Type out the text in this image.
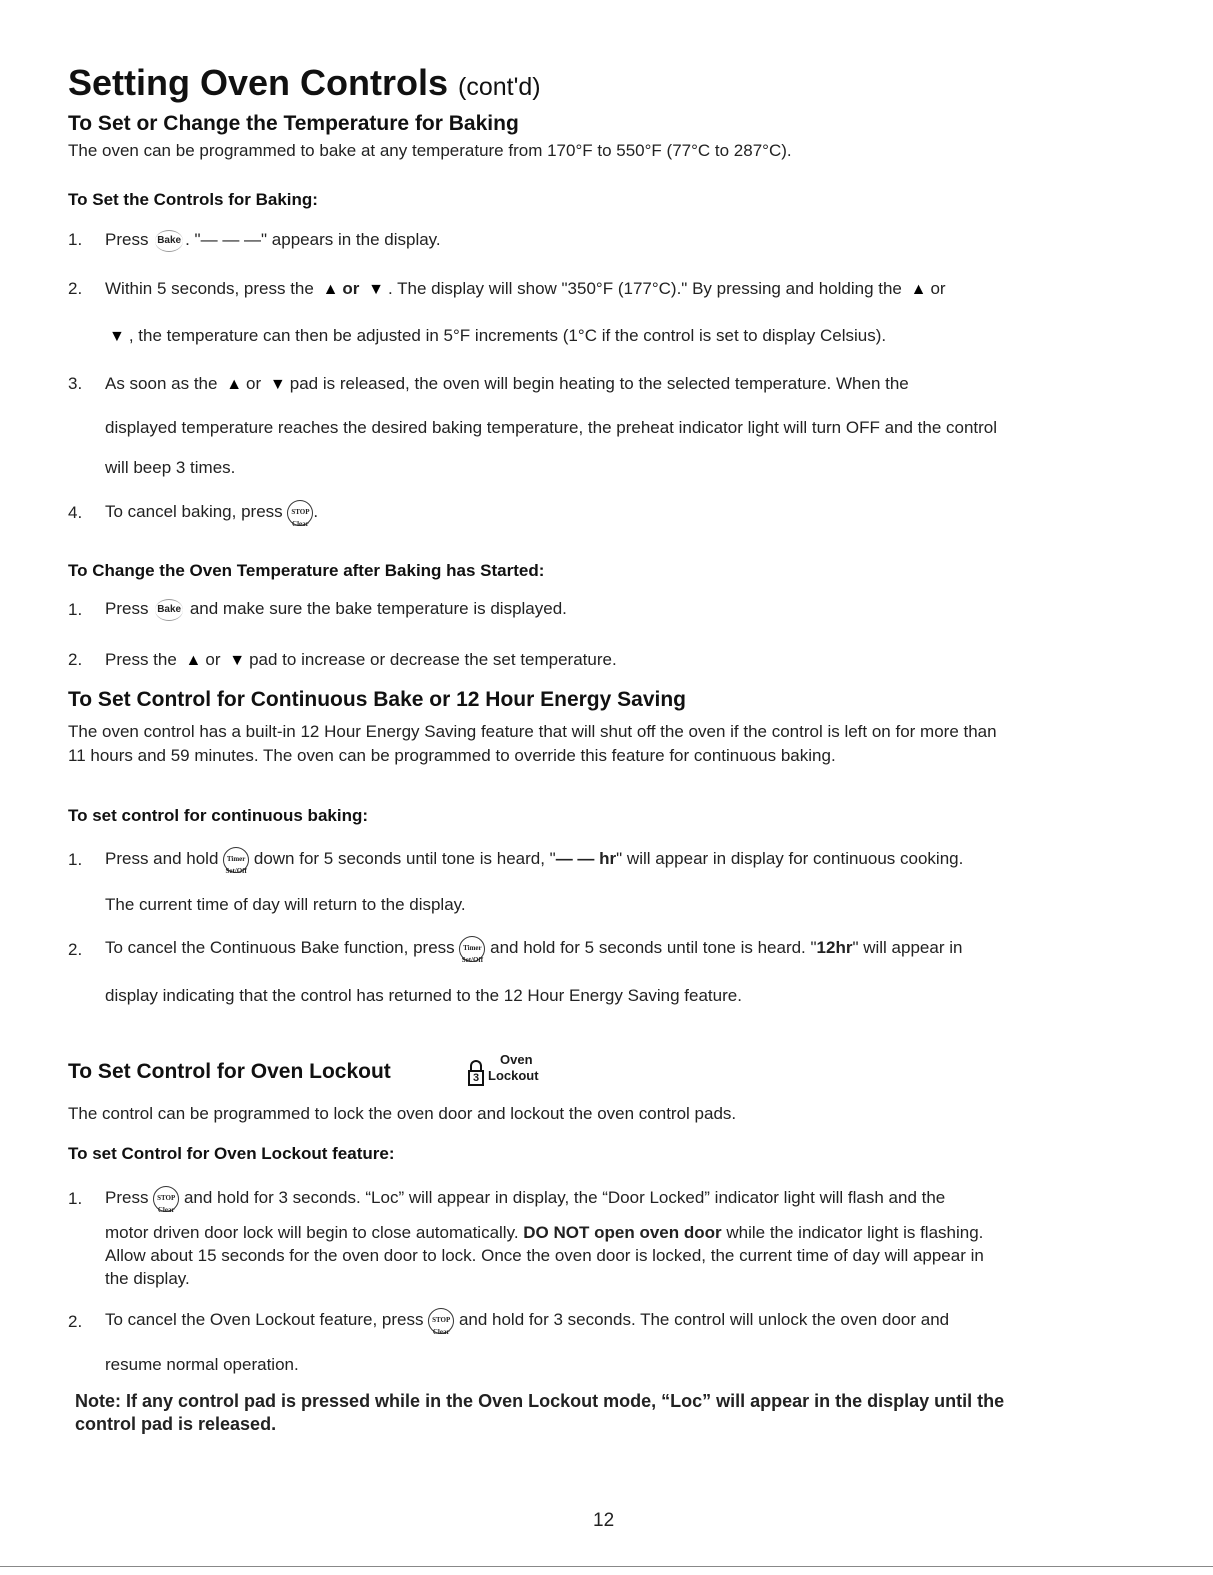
Setting Oven Controls (cont'd)
To Set or Change the Temperature for Baking
The oven can be programmed to bake at any temperature from 170°F to 550°F (77°C to 287°C).
To Set the Controls for Baking:
1. Press Bake . "— — —" appears in the display.
2. Within 5 seconds, press the ▲ or ▼ . The display will show "350°F (177°C)." By pressing and holding the ▲ or
▼ , the temperature can then be adjusted in 5°F increments (1°C if the control is set to display Celsius).
3. As soon as the ▲ or ▼ pad is released, the oven will begin heating to the selected temperature. When the
displayed temperature reaches the desired baking temperature, the preheat indicator light will turn OFF and the control
will beep 3 times.
4. To cancel baking, press STOP
Clear.
To Change the Oven Temperature after Baking has Started:
1. Press Bake and make sure the bake temperature is displayed.
2. Press the ▲ or ▼ pad to increase or decrease the set temperature.
To Set Control for Continuous Bake or 12 Hour Energy Saving
The oven control has a built-in 12 Hour Energy Saving feature that will shut off the oven if the control is left on for more than
11 hours and 59 minutes. The oven can be programmed to override this feature for continuous baking.
To set control for continuous baking:
1. Press and hold Timer
Set/Off down for 5 seconds until tone is heard, "— — hr" will appear in display for continuous cooking.
The current time of day will return to the display.
2. To cancel the Continuous Bake function, press Timer
Set/Off and hold for 5 seconds until tone is heard. "12hr" will appear in
display indicating that the control has returned to the 12 Hour Energy Saving feature.
To Set Control for Oven Lockout	3
Oven
Lockout
The control can be programmed to lock the oven door and lockout the oven control pads.
To set Control for Oven Lockout feature:
1. Press STOP
Clear and hold for 3 seconds. “Loc” will appear in display, the “Door Locked” indicator light will flash and the
motor driven door lock will begin to close automatically. DO NOT open oven door while the indicator light is flashing.
Allow about 15 seconds for the oven door to lock. Once the oven door is locked, the current time of day will appear in
the display.
2. To cancel the Oven Lockout feature, press STOP
Clear and hold for 3 seconds. The control will unlock the oven door and
resume normal operation.
Note: If any control pad is pressed while in the Oven Lockout mode, “Loc” will appear in the display until the
control pad is released.
12
